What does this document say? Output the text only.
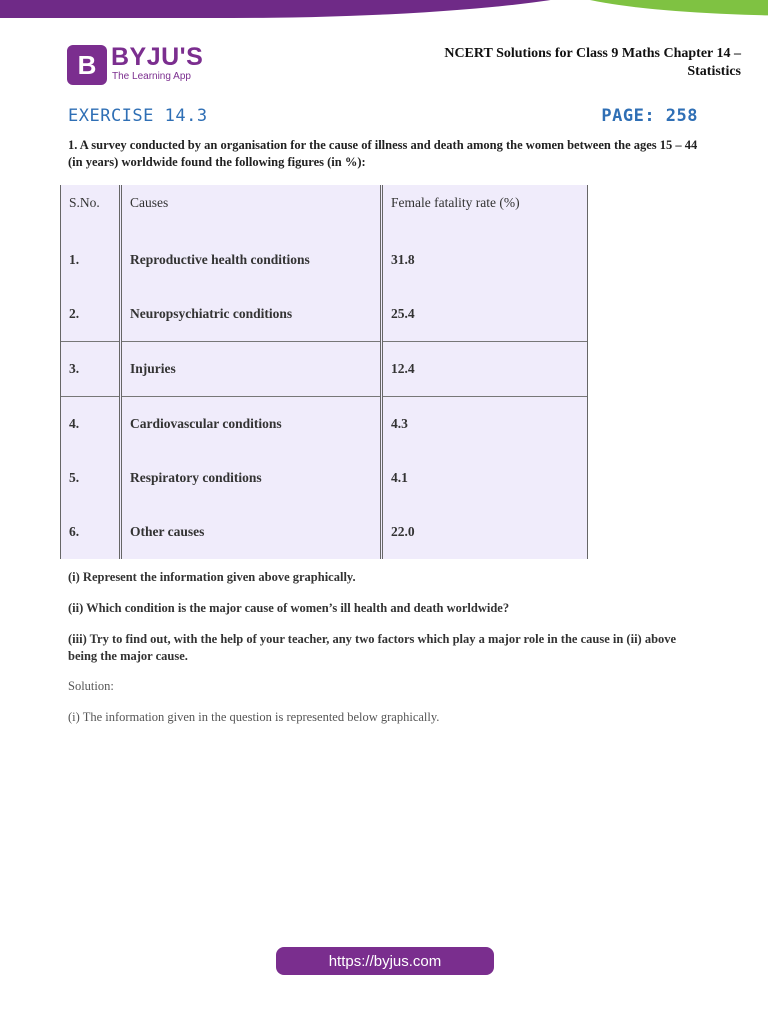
B BYJU'S
The Learning App
NCERT Solutions for Class 9 Maths Chapter 14 –
Statistics
EXERCISE 14.3	PAGE: 258
1. A survey conducted by an organisation for the cause of illness and death among the women between the ages 15 – 44 (in years) worldwide found the following figures (in %):
S.No.	Causes	Female fatality rate (%)
1.	Reproductive health conditions	31.8
2.	Neuropsychiatric conditions	25.4
3.	Injuries	12.4
4.	Cardiovascular conditions	4.3
5.	Respiratory conditions	4.1
6.	Other causes	22.0
(i) Represent the information given above graphically.
(ii) Which condition is the major cause of women’s ill health and death worldwide?
(iii) Try to find out, with the help of your teacher, any two factors which play a major role in the cause in (ii) above being the major cause.
Solution:
(i) The information given in the question is represented below graphically.
https://byjus.com
